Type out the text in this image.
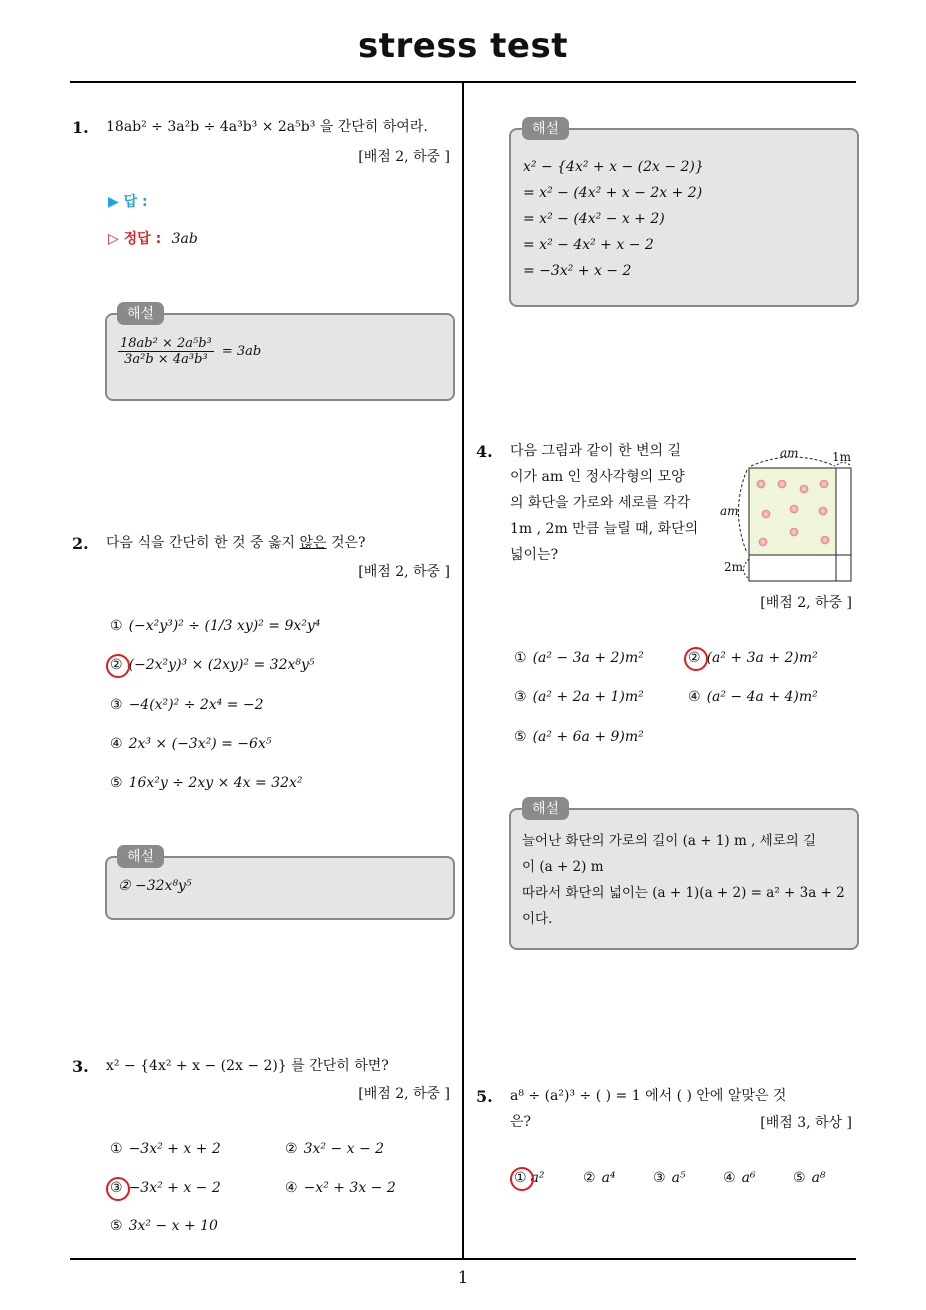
stress test
1
1. 18ab² ÷ 3a²b ÷ 4a³b³ × 2a⁵b³ 을 간단히 하여라.
[배점 2, 하중 ]
▶ 답 :
▷ 정답 : 3ab
해설
$\frac{\text{18ab² × 2a⁵b³}}{\text{3a²b × 4a³b³}} = 3ab$
2. 다음 식을 간단히 한 것 중 옳지 않은 것은?
[배점 2, 하중 ]
① (−x²y³)² ÷ (1/3 xy)² = 9x²y⁴
② (−2x²y)³ × (2xy)² = 32x⁸y⁵
③ −4(x²)² ÷ 2x⁴ = −2
④ 2x³ × (−3x²) = −6x⁵
⑤ 16x²y ÷ 2xy × 4x = 32x²
해설
② −32x⁸y⁵
3. x² − {4x² + x − (2x − 2)} 를 간단히 하면?
[배점 2, 하중 ]
① −3x² + x + 2	② 3x² − x − 2
③ −3x² + x − 2	④ −x² + 3x − 2
⑤ 3x² − x + 10
해설
x² − {4x² + x − (2x − 2)}
= x² − (4x² + x − 2x + 2)
= x² − (4x² − x + 2)
= x² − 4x² + x − 2
= −3x² + x − 2
4. 다음 그림과 같이 한 변의 길
이가 am 인 정사각형의 모양
의 화단을 가로와 세로를 각각
1m , 2m 만큼 늘릴 때, 화단의
넓이는?
am	1m
am
2m
[배점 2, 하중 ]
① (a² − 3a + 2)m²	② (a² + 3a + 2)m²
③ (a² + 2a + 1)m²	④ (a² − 4a + 4)m²
⑤ (a² + 6a + 9)m²
해설
늘어난 화단의 가로의 길이 (a + 1) m , 세로의 길
이 (a + 2) m
따라서 화단의 넓이는 (a + 1)(a + 2) = a² + 3a + 2
이다.
5. a⁸ ÷ (a²)³ ÷ ( ) = 1 에서 ( ) 안에 알맞은 것
은?	[배점 3, 하상 ]
① a²	② a⁴	③ a⁵	④ a⁶	⑤ a⁸
